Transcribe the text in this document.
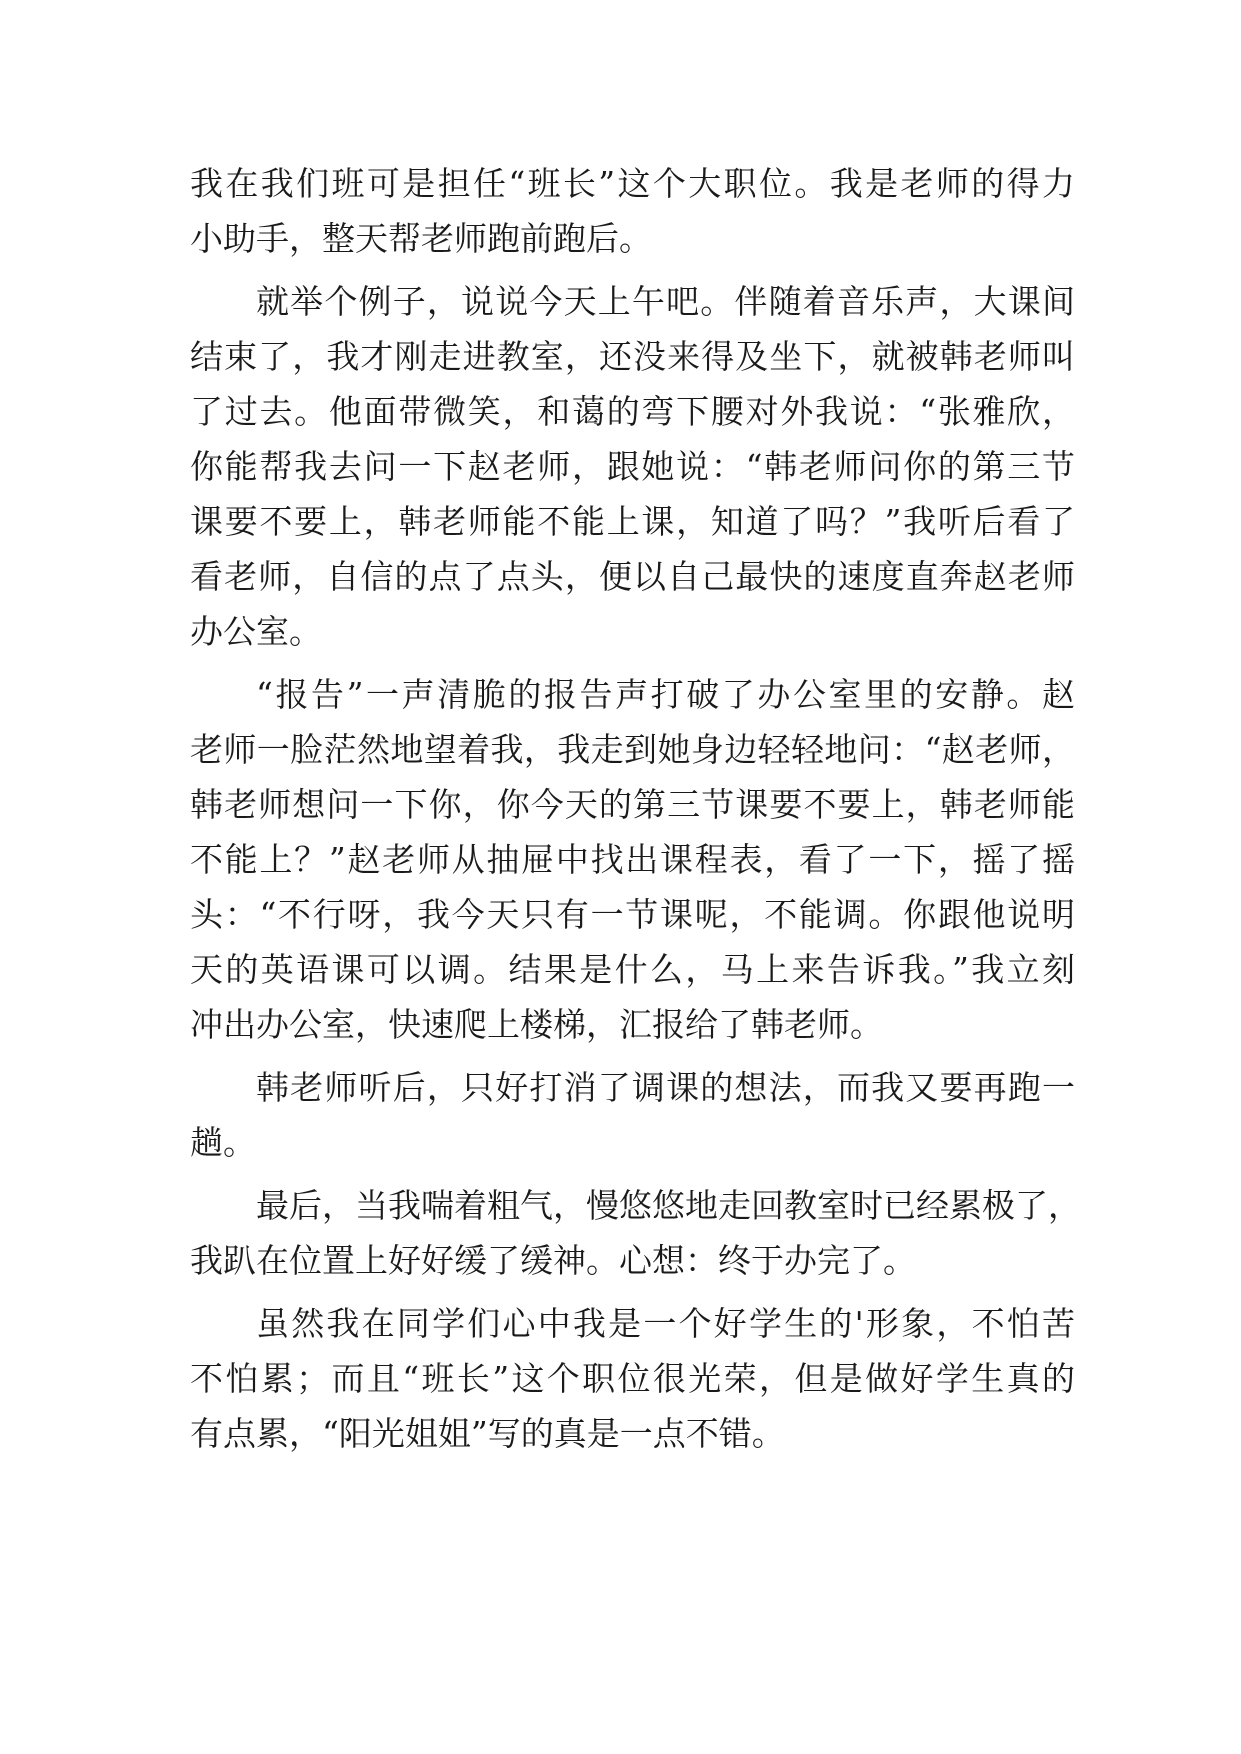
我在我们班可是担任“班长”这个大职位。我是老师的得力
小助手，整天帮老师跑前跑后。
就举个例子，说说今天上午吧。伴随着音乐声，大课间
结束了，我才刚走进教室，还没来得及坐下，就被韩老师叫
了过去。他面带微笑，和蔼的弯下腰对外我说：“张雅欣，
你能帮我去问一下赵老师，跟她说：“韩老师问你的第三节
课要不要上，韩老师能不能上课，知道了吗？”我听后看了
看老师，自信的点了点头，便以自己最快的速度直奔赵老师
办公室。
“报告”一声清脆的报告声打破了办公室里的安静。赵
老师一脸茫然地望着我，我走到她身边轻轻地问：“赵老师，
韩老师想问一下你，你今天的第三节课要不要上，韩老师能
不能上？”赵老师从抽屉中找出课程表，看了一下，摇了摇
头：“不行呀，我今天只有一节课呢，不能调。你跟他说明
天的英语课可以调。结果是什么，马上来告诉我。”我立刻
冲出办公室，快速爬上楼梯，汇报给了韩老师。
韩老师听后，只好打消了调课的想法，而我又要再跑一
趟。
最后，当我喘着粗气，慢悠悠地走回教室时已经累极了，
我趴在位置上好好缓了缓神。心想：终于办完了。
虽然我在同学们心中我是一个好学生的'形象，不怕苦
不怕累；而且“班长”这个职位很光荣，但是做好学生真的
有点累，“阳光姐姐”写的真是一点不错。
